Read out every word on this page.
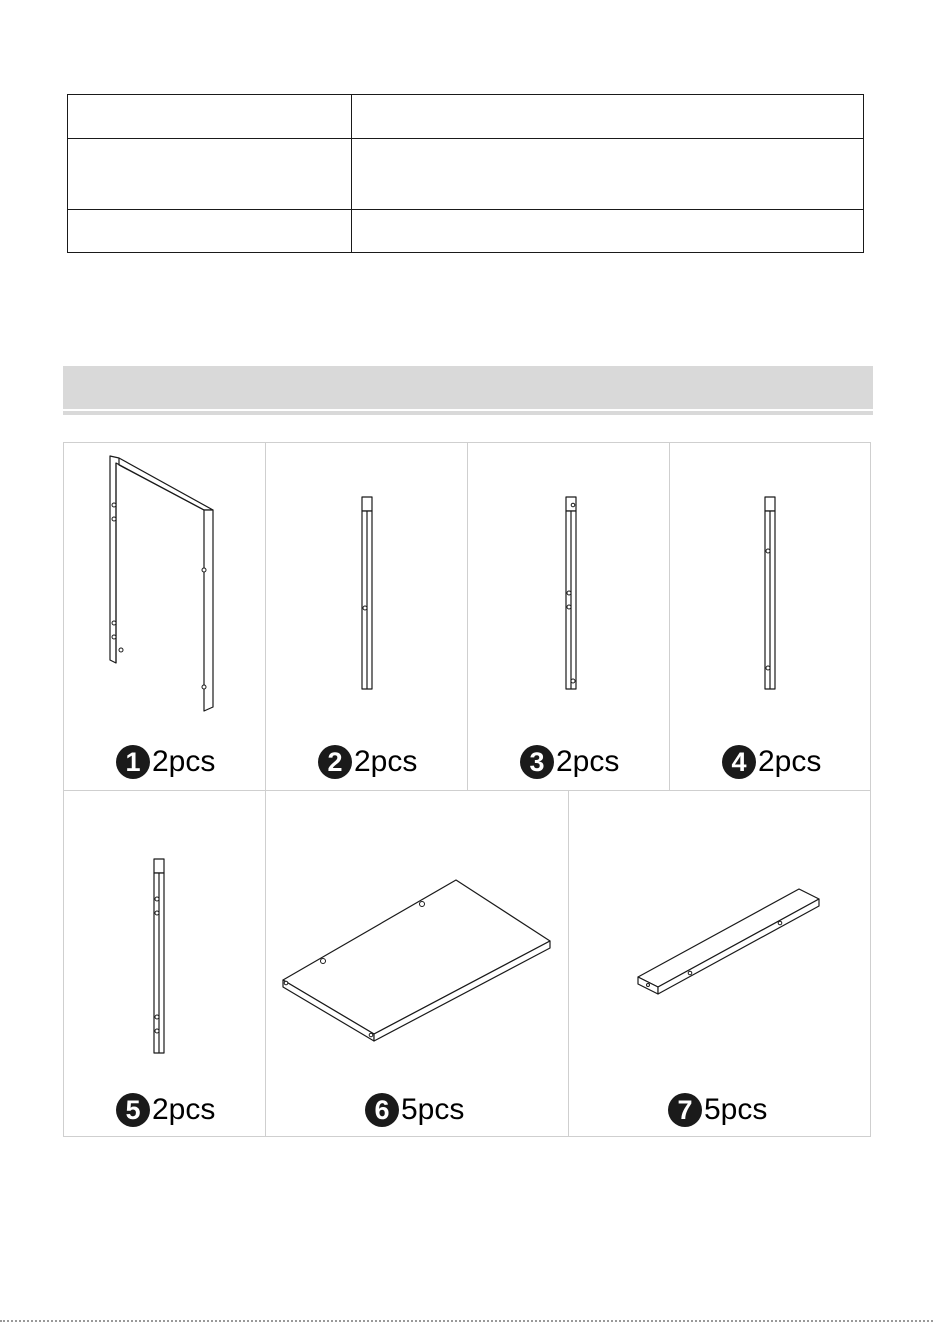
1 2pcs	2 2pcs	3 2pcs	4 2pcs
5 2pcs	6 5pcs	7 5pcs
